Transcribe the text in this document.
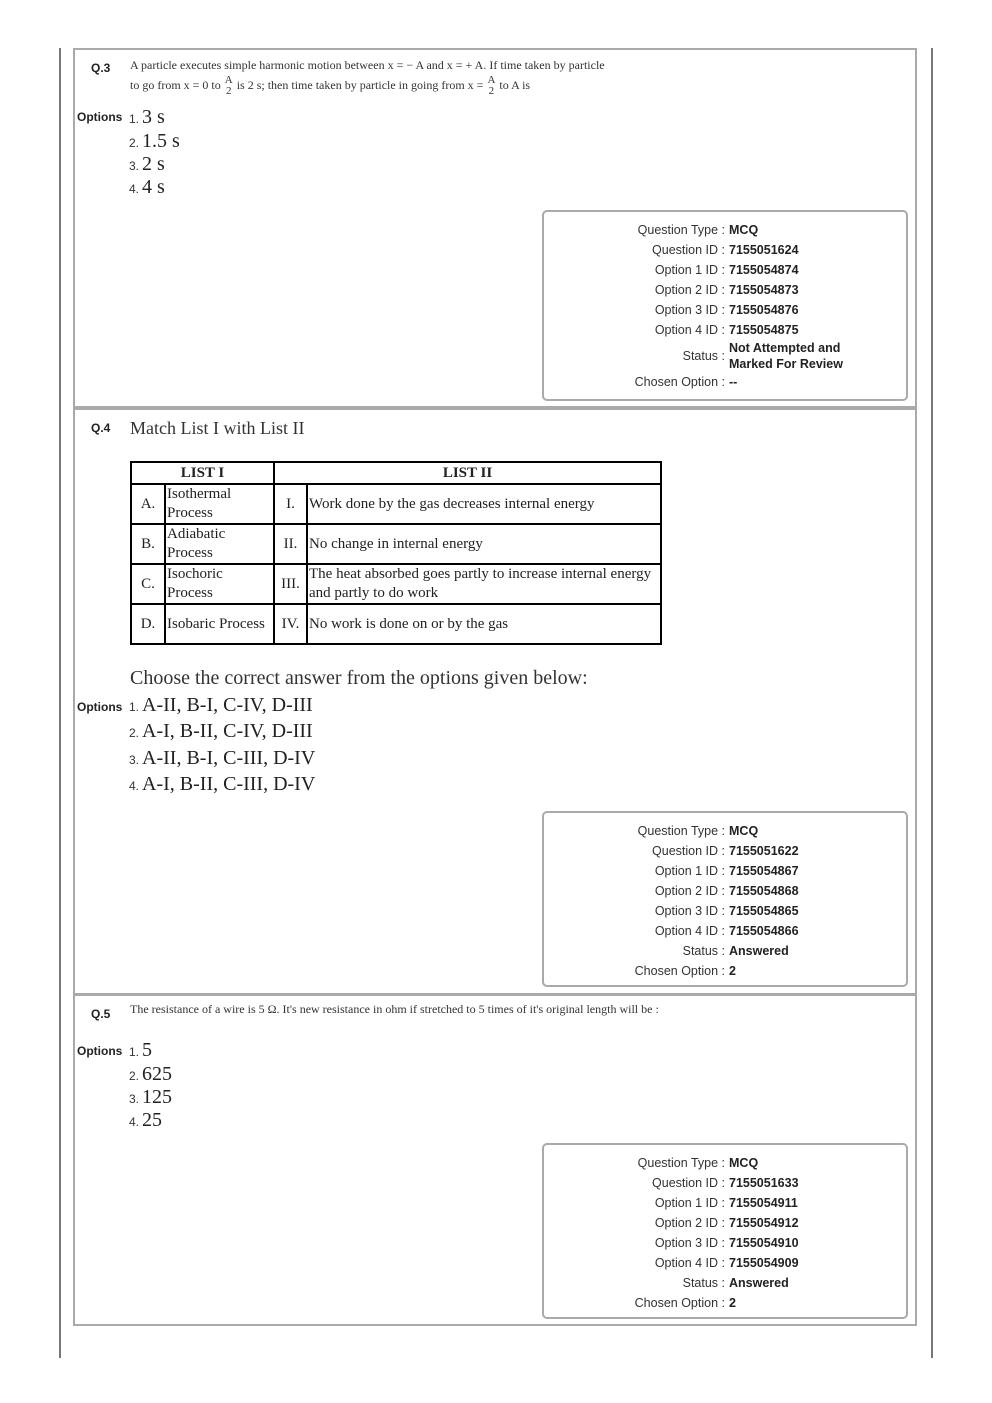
Q.3 A particle executes simple harmonic motion between x = − A and x = + A. If time taken by particle
to go from x = 0 to A
2 is 2 s; then time taken by particle in going from x = A
2 to A is
Options 1. 3 s
2. 1.5 s
3. 2 s
4. 4 s
Question Type : MCQ
Question ID : 7155051624
Option 1 ID : 7155054874
Option 2 ID : 7155054873
Option 3 ID : 7155054876
Option 4 ID : 7155054875
Status :
Not Attempted and Marked For Review
Chosen Option : --
Q.4 Match List I with List II
LIST I		LIST II	
A.	Isothermal Process	I.	Work done by the gas decreases internal energy
B.	Adiabatic Process	II.	No change in internal energy
C.	Isochoric Process	III.	The heat absorbed goes partly to increase internal energy and partly to do work
D.	Isobaric Process	IV.	No work is done on or by the gas
Choose the correct answer from the options given below:
Options 1. A-II, B-I, C-IV, D-III
2. A-I, B-II, C-IV, D-III
3. A-II, B-I, C-III, D-IV
4. A-I, B-II, C-III, D-IV
Question Type : MCQ
Question ID : 7155051622
Option 1 ID : 7155054867
Option 2 ID : 7155054868
Option 3 ID : 7155054865
Option 4 ID : 7155054866
Status : Answered
Chosen Option : 2
Q.5 The resistance of a wire is 5 Ω. It's new resistance in ohm if stretched to 5 times of it's original length will be :
Options 1. 5
2. 625
3. 125
4. 25
Question Type : MCQ
Question ID : 7155051633
Option 1 ID : 7155054911
Option 2 ID : 7155054912
Option 3 ID : 7155054910
Option 4 ID : 7155054909
Status : Answered
Chosen Option : 2
